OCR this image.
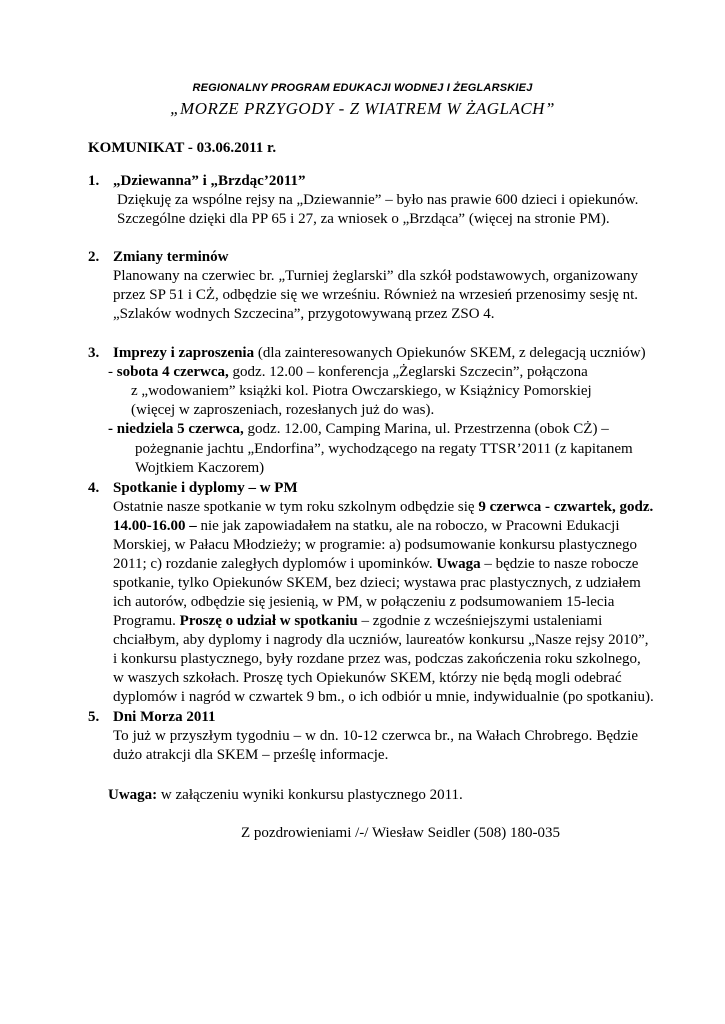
REGIONALNY PROGRAM EDUKACJI WODNEJ I ŻEGLARSKIEJ
„MORZE PRZYGODY - Z WIATREM W ŻAGLACH”
KOMUNIKAT - 03.06.2011 r.
1. „Dziewanna” i „Brzdąc’2011”
Dziękuję za wspólne rejsy na „Dziewannie” – było nas prawie 600 dzieci i opiekunów.
Szczególne dzięki dla PP 65 i 27, za wniosek o „Brzdąca” (więcej na stronie PM).
2. Zmiany terminów
Planowany na czerwiec br. „Turniej żeglarski” dla szkół podstawowych, organizowany
przez SP 51 i CŻ, odbędzie się we wrześniu. Również na wrzesień przenosimy sesję nt.
„Szlaków wodnych Szczecina”, przygotowywaną przez ZSO 4.
3. Imprezy i zaproszenia (dla zainteresowanych Opiekunów SKEM, z delegacją uczniów)
- sobota 4 czerwca, godz. 12.00 – konferencja „Żeglarski Szczecin”, połączona
z „wodowaniem” książki kol. Piotra Owczarskiego, w Książnicy Pomorskiej
(więcej w zaproszeniach, rozesłanych już do was).
- niedziela 5 czerwca, godz. 12.00, Camping Marina, ul. Przestrzenna (obok CŻ) –
pożegnanie jachtu „Endorfina”, wychodzącego na regaty TTSR’2011 (z kapitanem
Wojtkiem Kaczorem)
4. Spotkanie i dyplomy – w PM
Ostatnie nasze spotkanie w tym roku szkolnym odbędzie się 9 czerwca - czwartek, godz.
14.00-16.00 – nie jak zapowiadałem na statku, ale na roboczo, w Pracowni Edukacji
Morskiej, w Pałacu Młodzieży; w programie: a) podsumowanie konkursu plastycznego
2011; c) rozdanie zaległych dyplomów i upominków. Uwaga – będzie to nasze robocze
spotkanie, tylko Opiekunów SKEM, bez dzieci; wystawa prac plastycznych, z udziałem
ich autorów, odbędzie się jesienią, w PM, w połączeniu z podsumowaniem 15-lecia
Programu. Proszę o udział w spotkaniu – zgodnie z wcześniejszymi ustaleniami
chciałbym, aby dyplomy i nagrody dla uczniów, laureatów konkursu „Nasze rejsy 2010”,
i konkursu plastycznego, były rozdane przez was, podczas zakończenia roku szkolnego,
w waszych szkołach. Proszę tych Opiekunów SKEM, którzy nie będą mogli odebrać
dyplomów i nagród w czwartek 9 bm., o ich odbiór u mnie, indywidualnie (po spotkaniu).
5. Dni Morza 2011
To już w przyszłym tygodniu – w dn. 10-12 czerwca br., na Wałach Chrobrego. Będzie
dużo atrakcji dla SKEM – prześlę informacje.
Uwaga: w załączeniu wyniki konkursu plastycznego 2011.
Z pozdrowieniami /-/ Wiesław Seidler (508) 180-035
